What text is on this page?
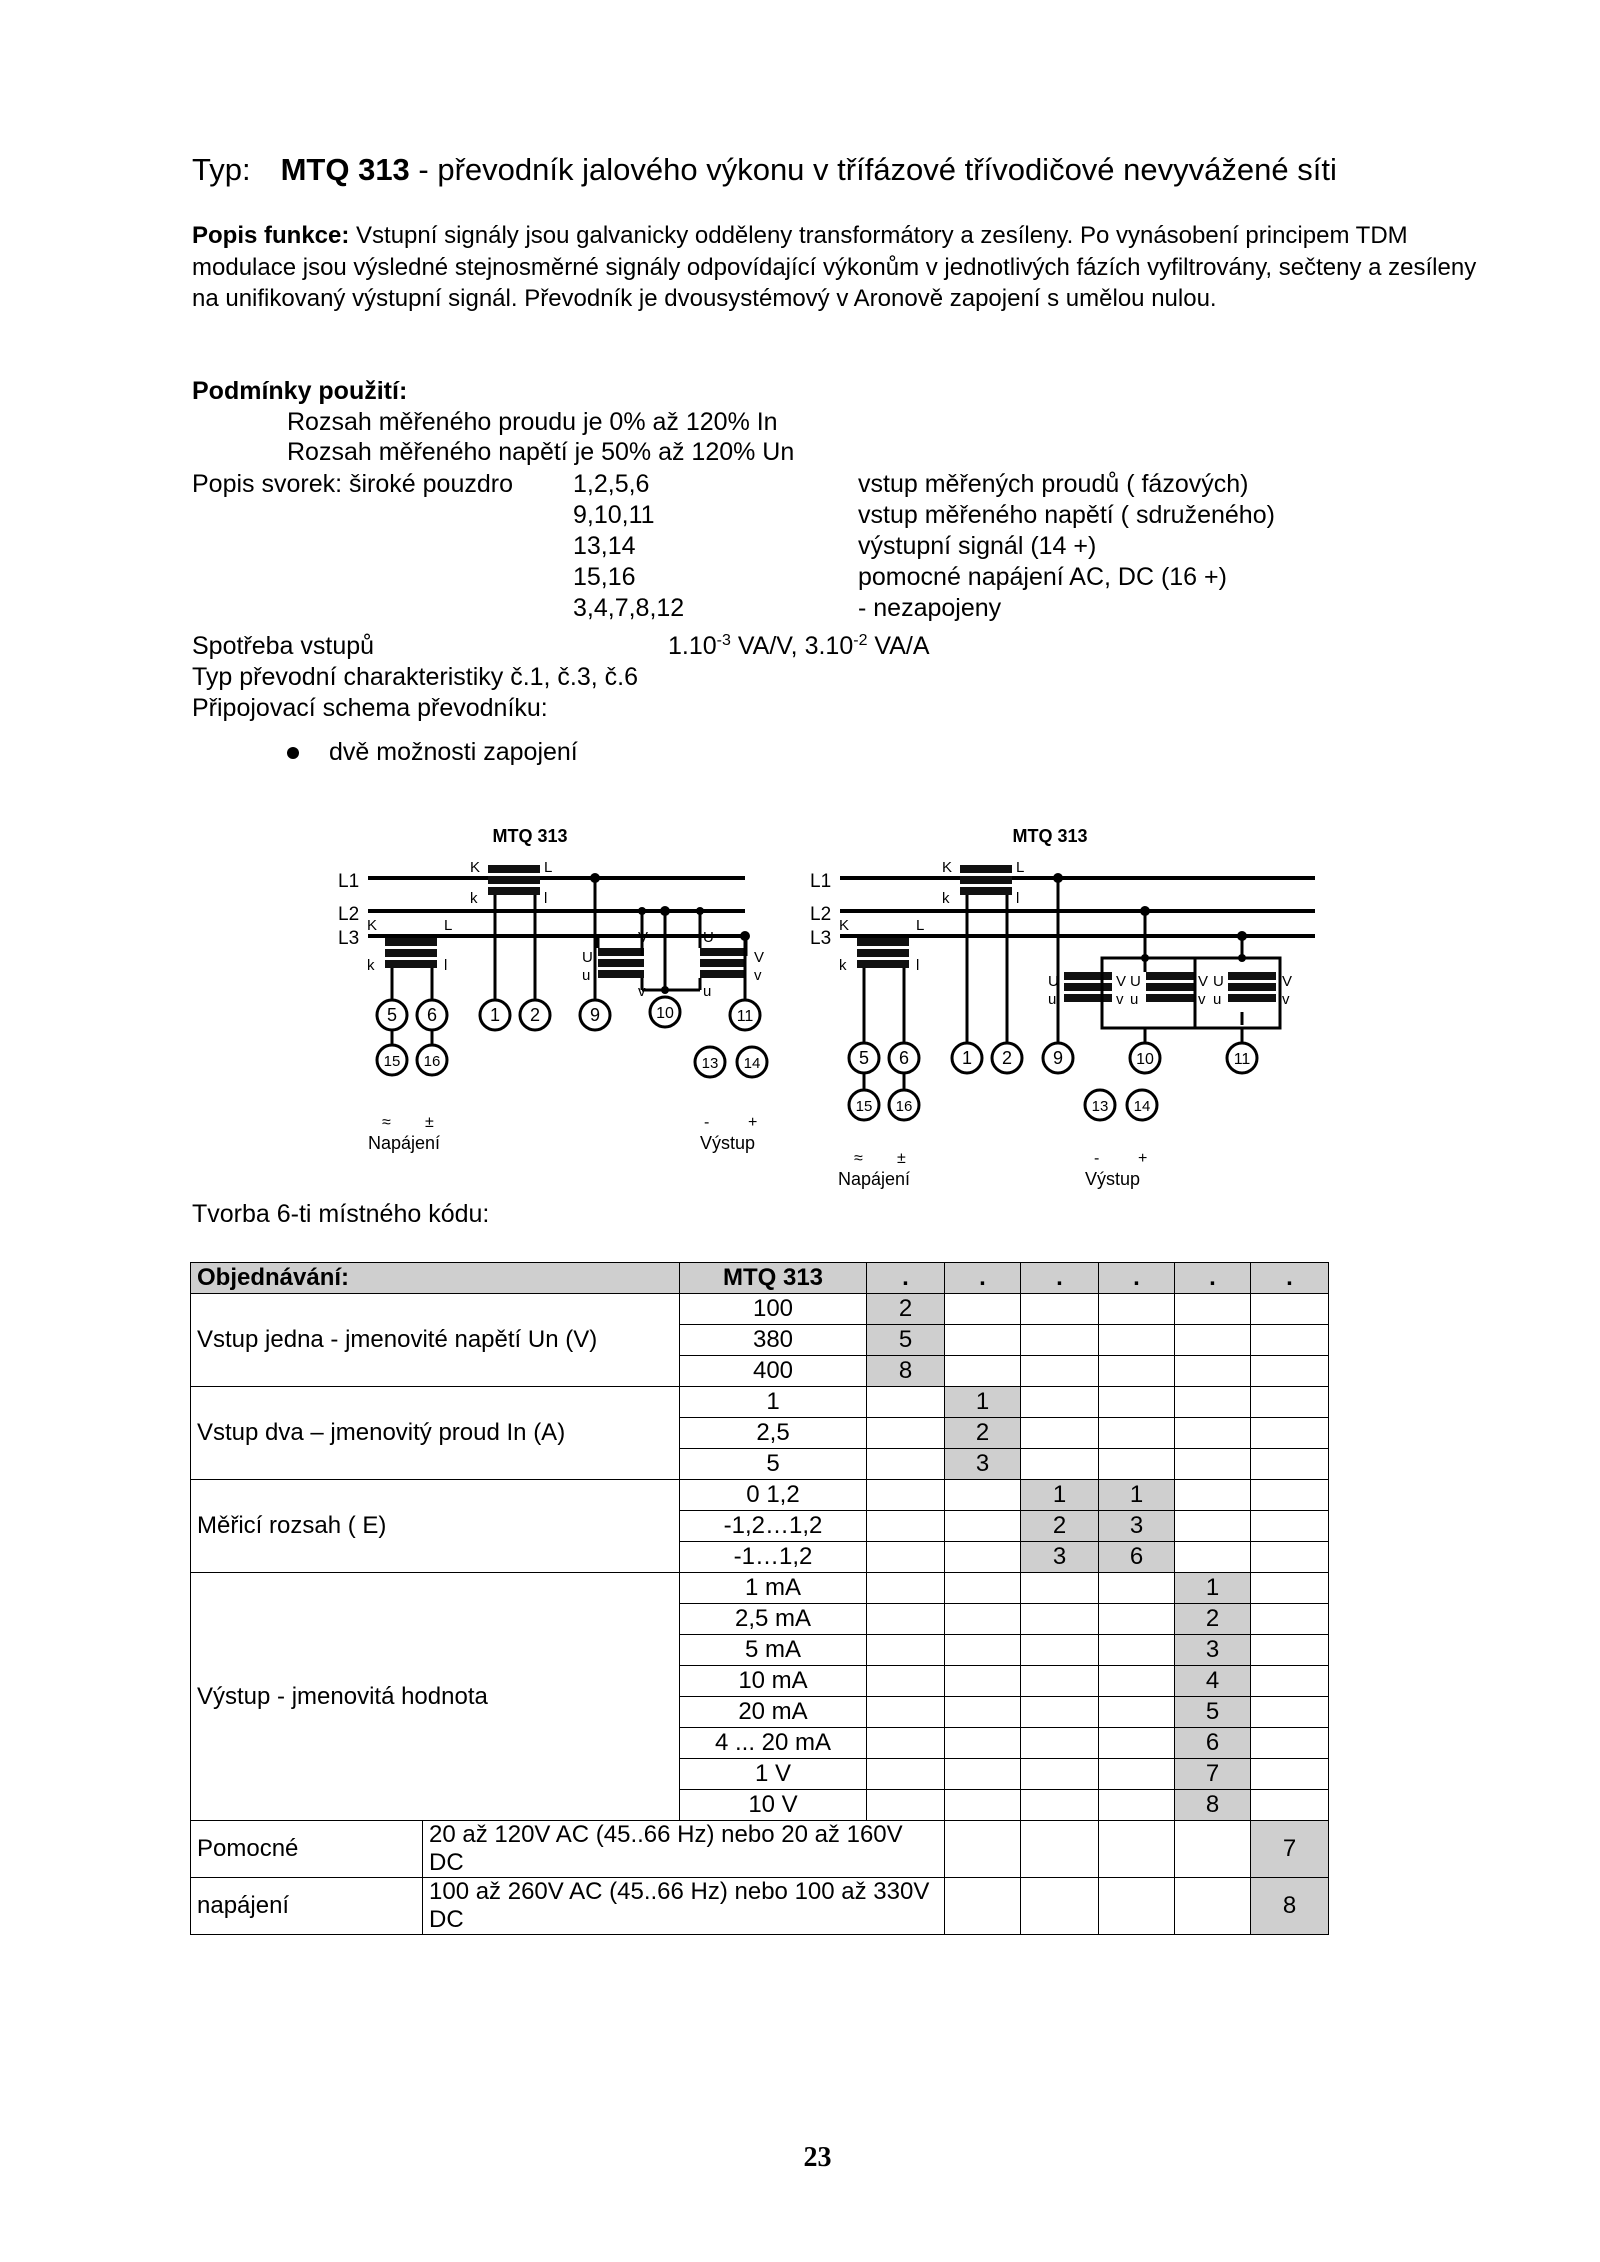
Typ: MTQ 313 - převodník jalového výkonu v třífázové třívodičové nevyvážené síti
Popis funkce: Vstupní signály jsou galvanicky odděleny transformátory a zesíleny. Po vynásobení principem TDM modulace jsou výsledné stejnosměrné signály odpovídající výkonům v jednotlivých fázích vyfiltrovány, sečteny a zesíleny na unifikovaný výstupní signál. Převodník je dvousystémový v Aronově zapojení s umělou nulou.
Podmínky použití:
Rozsah měřeného proudu je 0% až 120% In
Rozsah měřeného napětí je 50% až 120% Un
Popis svorek: široké pouzdro 1,2,5,6	vstup měřených proudů ( fázových)
9,10,11	vstup měřeného napětí ( sdruženého)
13,14	výstupní signál (14 +)
15,16	pomocné napájení AC, DC (16 +)
3,4,7,8,12	- nezapojeny
Spotřeba vstupů	$1.10^{-3}$ VA/V, $3.10^{-2}$ VA/A
Typ převodní charakteristiky č.1, č.3, č.6
Připojovací schema převodníku:
dvě možnosti zapojení
MTQ 313
L1
L2
L3
K	L
k	l
K	L
k	l	U
V
u
v
U
V
u
v
5 6	1 2	9	10	11
15 16	13 14
≈ ±
Napájení
- +
Výstup
MTQ 313
L1
L2
L3
K	L
k	l
K	L
k	l
U
u
V
v
U
u
V
v
U
u
V
v
5 6	1 2 9	10	11
15 16	13 14
≈ ±
Napájení
- +
Výstup
Tvorba 6-ti místného kódu:
Objednávání:		MTQ 313	.	.	.	.	.	.
Vstup jedna - jmenovité napětí Un (V)		100	2					
		380	5					
		400	8					
Vstup dva – jmenovitý proud In (A)		1		1				
		2,5		2				
		5		3				
Měřicí rozsah ( E)		0 1,2			1	1		
		-1,2…1,2			2	3		
		-1…1,2			3	6		
Výstup - jmenovitá hodnota		1 mA					1	
		2,5 mA					2	
		5 mA					3	
		10 mA					4	
		20 mA					5	
		4 ... 20 mA					6	
		1 V					7	
		10 V					8	
Pomocné	20 až 120V AC (45..66 Hz) nebo 20 až 160V DC							7
napájení	100 až 260V AC (45..66 Hz) nebo 100 až 330V DC							8
23
